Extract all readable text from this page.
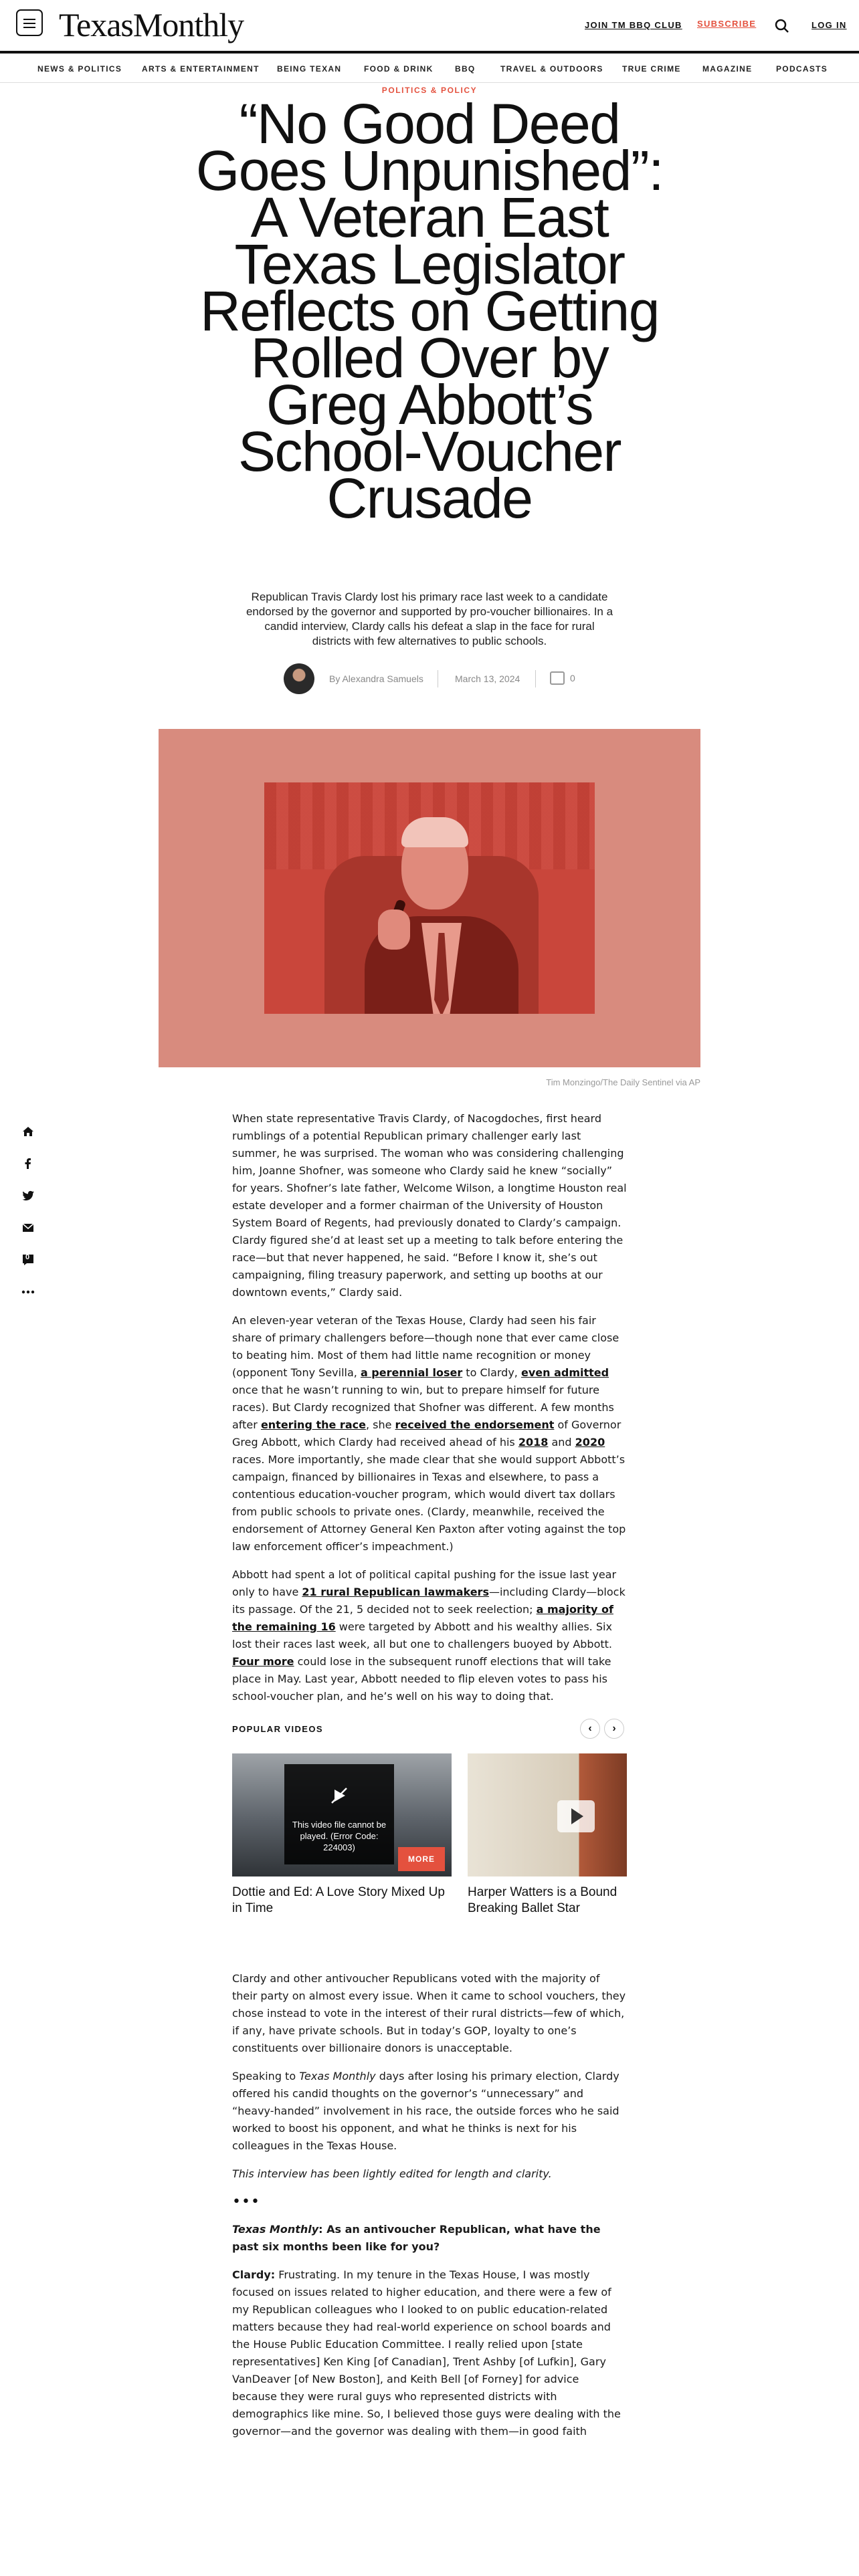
TexasMonthly	JOIN TM BBQ CLUB SUBSCRIBE	LOG IN
NEWS & POLITICS ARTS & ENTERTAINMENT BEING TEXAN	FOOD & DRINK	BBQ	TRAVEL & OUTDOORS TRUE CRIME	MAGAZINE	PODCASTS
POLITICS & POLICY
“No Good Deed Goes Unpunished”: A Veteran East Texas Legislator Reflects on Getting Rolled Over by Greg Abbott’s School-Voucher Crusade

Republican Travis Clardy lost his primary race last week to a candidate endorsed by the governor and supported by pro-voucher billionaires. In a candid interview, Clardy calls his defeat a slap in the face for rural districts with few alternatives to public schools.

By Alexandra Samuels	March 13, 2024	0
Tim Monzingo/The Daily Sentinel via AP
0

When state representative Travis Clardy, of Nacogdoches, first heard rumblings of a potential Republican primary challenger early last summer, he was surprised. The woman who was considering challenging him, Joanne Shofner, was someone who Clardy said he knew “socially” for years. Shofner’s late father, Welcome Wilson, a longtime Houston real estate developer and a former chairman of the University of Houston System Board of Regents, had previously donated to Clardy’s campaign. Clardy figured she’d at least set up a meeting to talk before entering the race—but that never happened, he said. “Before I know it, she’s out campaigning, filing treasury paperwork, and setting up booths at our downtown events,” Clardy said.

An eleven-year veteran of the Texas House, Clardy had seen his fair share of primary challengers before—though none that ever came close to beating him. Most of them had little name recognition or money (opponent Tony Sevilla, a perennial loser to Clardy, even admitted once that he wasn’t running to win, but to prepare himself for future races). But Clardy recognized that Shofner was different. A few months after entering the race, she received the endorsement of Governor Greg Abbott, which Clardy had received ahead of his 2018 and 2020 races. More importantly, she made clear that she would support Abbott’s campaign, financed by billionaires in Texas and elsewhere, to pass a contentious education-voucher program, which would divert tax dollars from public schools to private ones. (Clardy, meanwhile, received the endorsement of Attorney General Ken Paxton after voting against the top law enforcement officer’s impeachment.)

Abbott had spent a lot of political capital pushing for the issue last year only to have 21 rural Republican lawmakers—including Clardy—block its passage. Of the 21, 5 decided not to seek reelection; a majority of the remaining 16 were targeted by Abbott and his wealthy allies. Six lost their races last week, all but one to challengers buoyed by Abbott. Four more could lose in the subsequent runoff elections that will take place in May. Last year, Abbott needed to flip eleven votes to pass his school-voucher plan, and he’s well on his way to doing that.

POPULAR VIDEOS	‹	›
This video file cannot be played. (Error Code: 224003)
MORE
Dottie and Ed: A Love Story Mixed Up in Time
Harper Watters is a Bound Breaking Ballet Star

Clardy and other antivoucher Republicans voted with the majority of their party on almost every issue. When it came to school vouchers, they chose instead to vote in the interest of their rural districts—few of which, if any, have private schools. But in today’s GOP, loyalty to one’s constituents over billionaire donors is unacceptable.

Speaking to Texas Monthly days after losing his primary election, Clardy offered his candid thoughts on the governor’s “unnecessary” and “heavy-handed” involvement in his race, the outside forces who he said worked to boost his opponent, and what he thinks is next for his colleagues in the Texas House.

This interview has been lightly edited for length and clarity.

•••

Texas Monthly: As an antivoucher Republican, what have the past six months been like for you?

Clardy: Frustrating. In my tenure in the Texas House, I was mostly focused on issues related to higher education, and there were a few of my Republican colleagues who I looked to on public education-related matters because they had real-world experience on school boards and the House Public Education Committee. I really relied upon [state representatives] Ken King [of Canadian], Trent Ashby [of Lufkin], Gary VanDeaver [of New Boston], and Keith Bell [of Forney] for advice because they were rural guys who represented districts with demographics like mine. So, I believed those guys were dealing with the governor—and the governor was dealing with them—in good faith
